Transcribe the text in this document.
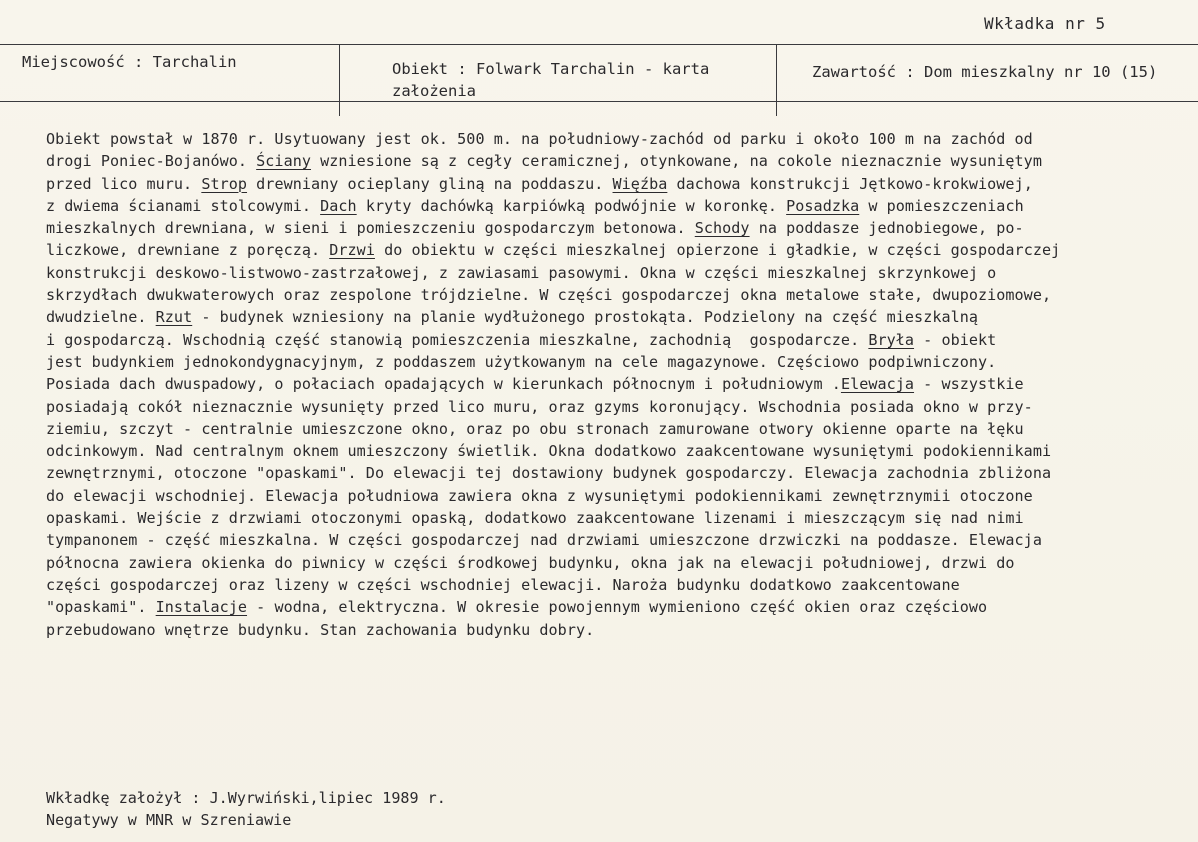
Wkładka nr 5
Miejscowość : Tarchalin	Obiekt : Folwark Tarchalin - karta
założenia
Zawartość : Dom mieszkalny nr 10 (15)
Obiekt powstał w 1870 r. Usytuowany jest ok. 500 m. na południowy-zachód od parku i około 100 m na zachód od
drogi Poniec-Bojanówo. Ściany wzniesione są z cegły ceramicznej, otynkowane, na cokole nieznacznie wysuniętym
przed lico muru. Strop drewniany ocieplany gliną na poddaszu. Więźba dachowa konstrukcji Jętkowo-krokwiowej,
z dwiema ścianami stolcowymi. Dach kryty dachówką karpiówką podwójnie w koronkę. Posadzka w pomieszczeniach
mieszkalnych drewniana, w sieni i pomieszczeniu gospodarczym betonowa. Schody na poddasze jednobiegowe, po-
liczkowe, drewniane z poręczą. Drzwi do obiektu w części mieszkalnej opierzone i gładkie, w części gospodarczej
konstrukcji deskowo-listwowo-zastrzałowej, z zawiasami pasowymi. Okna w części mieszkalnej skrzynkowej o
skrzydłach dwukwaterowych oraz zespolone trójdzielne. W części gospodarczej okna metalowe stałe, dwupoziomowe,
dwudzielne. Rzut - budynek wzniesiony na planie wydłużonego prostokąta. Podzielony na część mieszkalną
i gospodarczą. Wschodnią część stanowią pomieszczenia mieszkalne, zachodnią  gospodarcze. Bryła - obiekt
jest budynkiem jednokondygnacyjnym, z poddaszem użytkowanym na cele magazynowe. Częściowo podpiwniczony.
Posiada dach dwuspadowy, o połaciach opadających w kierunkach północnym i południowym .Elewacja - wszystkie
posiadają cokół nieznacznie wysunięty przed lico muru, oraz gzyms koronujący. Wschodnia posiada okno w przy-
ziemiu, szczyt - centralnie umieszczone okno, oraz po obu stronach zamurowane otwory okienne oparte na łęku
odcinkowym. Nad centralnym oknem umieszczony świetlik. Okna dodatkowo zaakcentowane wysuniętymi podokiennikami
zewnętrznymi, otoczone "opaskami". Do elewacji tej dostawiony budynek gospodarczy. Elewacja zachodnia zbliżona
do elewacji wschodniej. Elewacja południowa zawiera okna z wysuniętymi podokiennikami zewnętrznymii otoczone
opaskami. Wejście z drzwiami otoczonymi opaską, dodatkowo zaakcentowane lizenami i mieszczącym się nad nimi
tympanonem - część mieszkalna. W części gospodarczej nad drzwiami umieszczone drzwiczki na poddasze. Elewacja
północna zawiera okienka do piwnicy w części środkowej budynku, okna jak na elewacji południowej, drzwi do
części gospodarczej oraz lizeny w części wschodniej elewacji. Naroża budynku dodatkowo zaakcentowane
"opaskami". Instalacje - wodna, elektryczna. W okresie powojennym wymieniono część okien oraz częściowo
przebudowano wnętrze budynku. Stan zachowania budynku dobry.
Wkładkę założył : J.Wyrwiński,lipiec 1989 r.
Negatywy w MNR w Szreniawie
